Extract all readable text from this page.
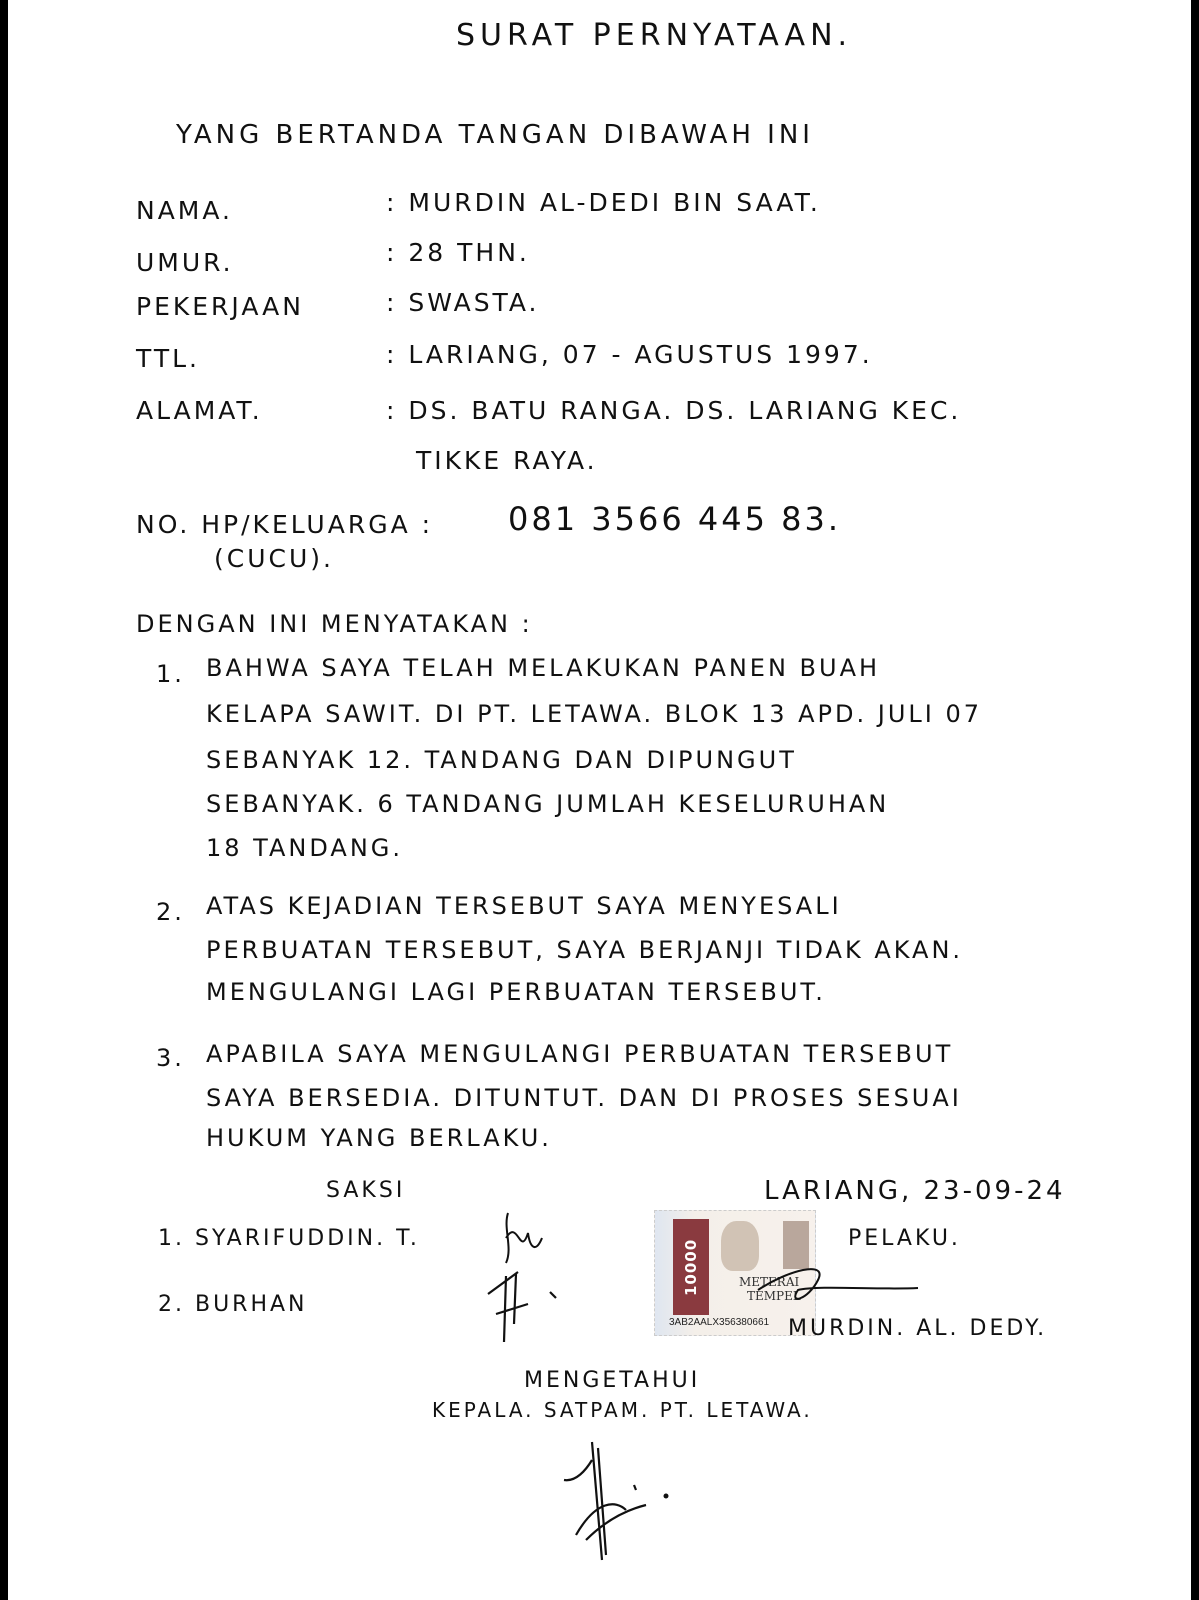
SURAT PERNYATAAN.
YANG BERTANDA TANGAN DIBAWAH INI
NAMA.	: MURDIN AL-DEDI BIN SAAT.
UMUR.	: 28 THN.
PEKERJAAN	: SWASTA.
TTL.	: LARIANG, 07 - AGUSTUS 1997.
ALAMAT.	: DS. BATU RANGA. DS. LARIANG KEC.
TIKKE RAYA.
NO. HP/KELUARGA : 081 3566 445 83.
(CUCU).
DENGAN INI MENYATAKAN :
1. BAHWA SAYA TELAH MELAKUKAN PANEN BUAH
KELAPA SAWIT. DI PT. LETAWA. BLOK 13 APD. JULI 07
SEBANYAK 12. TANDANG DAN DIPUNGUT
SEBANYAK. 6 TANDANG JUMLAH KESELURUHAN
18 TANDANG.
2. ATAS KEJADIAN TERSEBUT SAYA MENYESALI
PERBUATAN TERSEBUT, SAYA BERJANJI TIDAK AKAN.
MENGULANGI LAGI PERBUATAN TERSEBUT.
3. APABILA SAYA MENGULANGI PERBUATAN TERSEBUT
SAYA BERSEDIA. DITUNTUT. DAN DI PROSES SESUAI
HUKUM YANG BERLAKU.
SAKSI
1. SYARIFUDDIN. T.
2. BURHAN
LARIANG, 23-09-24
PELAKU.
10000	METERAI
TEMPEL
3AB2AALX356380661 MURDIN. AL. DEDY.
MENGETAHUI
KEPALA. SATPAM. PT. LETAWA.
